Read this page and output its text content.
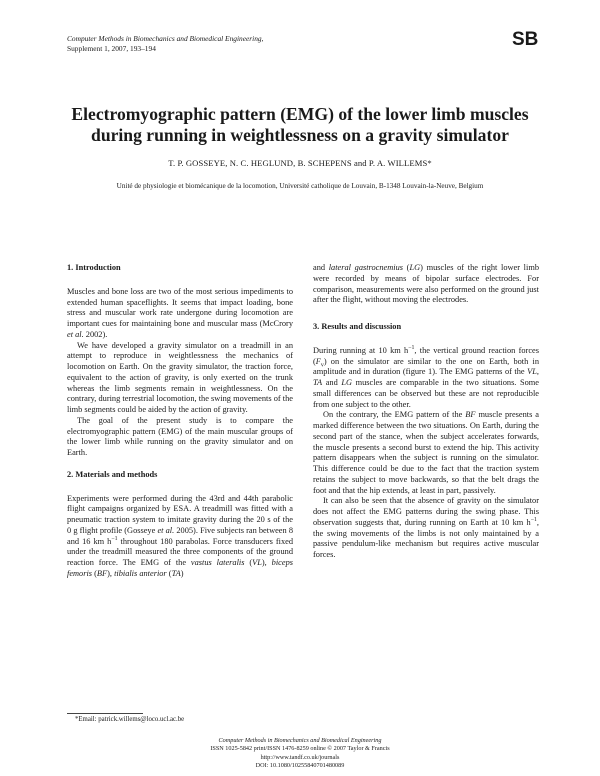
Computer Methods in Biomechanics and Biomedical Engineering,
Supplement 1, 2007, 193–194	SB
Electromyographic pattern (EMG) of the lower limb muscles
during running in weightlessness on a gravity simulator
T. P. GOSSEYE, N. C. HEGLUND, B. SCHEPENS and P. A. WILLEMS*
Unité de physiologie et biomécanique de la locomotion, Université catholique de Louvain, B-1348 Louvain-la-Neuve, Belgium
1. Introduction

Muscles and bone loss are two of the most serious impediments to extended human spaceflights. It seems that impact loading, bone stress and muscular work rate undergone during locomotion are important cues for maintaining bone and muscular mass (McCrory et al. 2002).

We have developed a gravity simulator on a treadmill in an attempt to reproduce in weightlessness the mechanics of locomotion on Earth. On the gravity simulator, the traction force, equivalent to the action of gravity, is only exerted on the trunk whereas the limb segments remain in weightlessness. On the contrary, during terrestrial locomotion, the swing movements of the limb segments could be aided by the action of gravity.

The goal of the present study is to compare the electromyographic pattern (EMG) of the main muscular groups of the lower limb while running on the gravity simulator and on Earth.

2. Materials and methods

Experiments were performed during the 43rd and 44th parabolic flight campaigns organized by ESA. A treadmill was fitted with a pneumatic traction system to imitate gravity during the 20 s of the 0 g flight profile (Gosseye et al. 2005). Five subjects ran between 8 and 16 km $h^{-1}$ throughout 180 parabolas. Force transducers fixed under the treadmill measured the three components of the ground reaction force. The EMG of the vastus lateralis (VL), biceps femoris (BF), tibialis anterior (TA)

and lateral gastrocnemius (LG) muscles of the right lower limb were recorded by means of bipolar surface electrodes. For comparison, measurements were also performed on the ground just after the flight, without moving the electrodes.

3. Results and discussion

During running at 10 km $h^{-1}$, the vertical ground reaction forces $(F_v)$ on the simulator are similar to the one on Earth, both in amplitude and in duration (figure 1). The EMG patterns of the VL, TA and LG muscles are comparable in the two situations. Some small differences can be observed but these are not reproducible from one subject to the other.

On the contrary, the EMG pattern of the BF muscle presents a marked difference between the two situations. On Earth, during the second part of the stance, when the subject accelerates forwards, the muscle presents a second burst to extend the hip. This activity pattern disappears when the subject is running on the simulator. This difference could be due to the fact that the traction system retains the subject to move backwards, so that the belt drags the foot and that the hip extends, at least in part, passively.

It can also be seen that the absence of gravity on the simulator does not affect the EMG patterns during the swing phase. This observation suggests that, during running on Earth at 10 km $h^{-1}$, the swing movements of the limbs is not only maintained by a passive pendulum-like mechanism but requires active muscular forces.

*Email: patrick.willems@loco.ucl.ac.be
Computer Methods in Biomechanics and Biomedical Engineering
ISSN 1025-5842 print/ISSN 1476-8259 online © 2007 Taylor & Francis
http://www.tandf.co.uk/journals
DOI: 10.1080/10255840701480089
